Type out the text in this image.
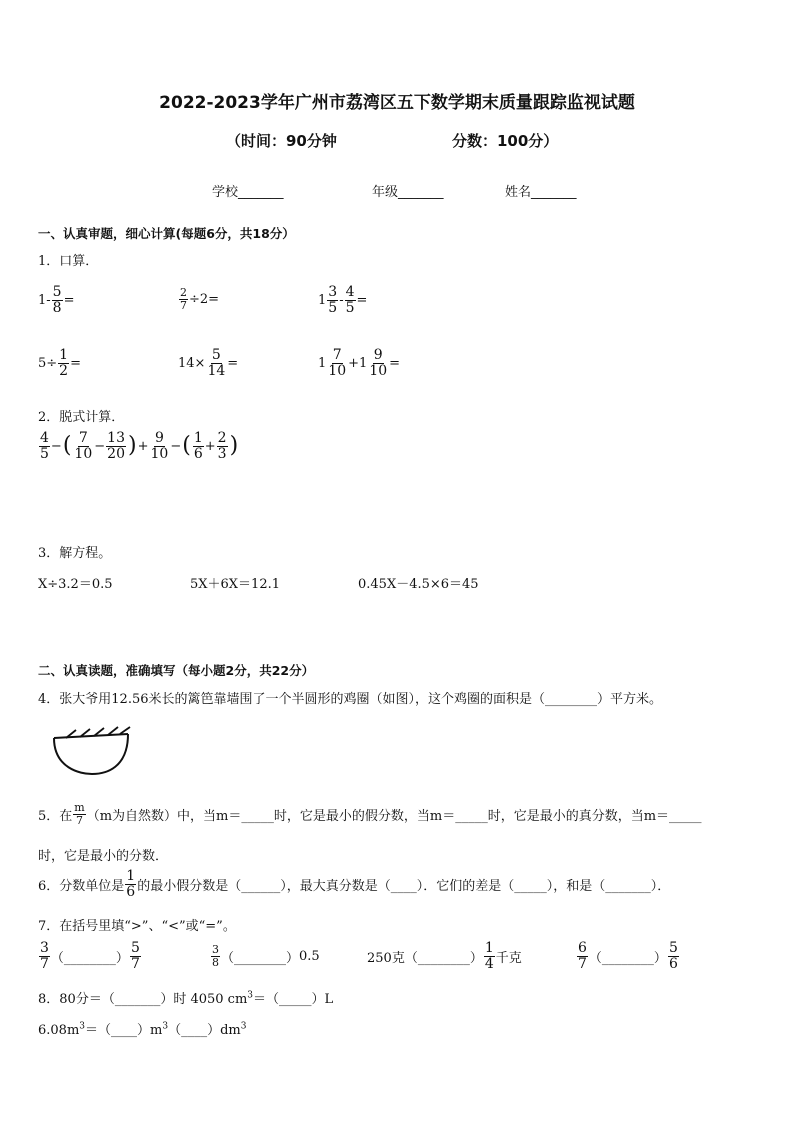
2022-2023学年广州市荔湾区五下数学期末质量跟踪监视试题
（时间：90分钟	分数：100分）
学校_______	年级_______	姓名_______
一、认真审题，细心计算(每题6分，共18分）
1．口算．
$1- \frac{5}{8}$ =	$\frac{2}{7} \div 2=$	$1 \frac{3}{5} - \frac{4}{5}$ =
$5\div \frac{1}{2}$ =	$14\times \frac{5}{14}$ =	$1 \frac{7}{10} +1 \frac{9}{10}$ =
2．脱式计算．
$\frac{4}{5}$ − ( $\frac{7}{10} - \frac{13}{20}$ ) + $\frac{9}{10}$ − ( $\frac{1}{6} + \frac{2}{3}$ )
3．解方程。
X÷3.2＝0.5	5X＋6X＝12.1	0.45X－4.5×6＝45
二、认真读题，准确填写（每小题2分，共22分）
4．张大爷用12.56米长的篱笆靠墙围了一个半圆形的鸡圈（如图），这个鸡圈的面积是（________）平方米。
5．在 $\frac{m}{7} (m$为自然数）中，当m＝_____时，它是最小的假分数，当m＝_____时，它是最小的真分数，当m＝_____
时，它是最小的分数．
6．分数单位是 $\frac{1}{6}$ 的最小假分数是（______），最大真分数是（____）．它们的差是（_____），和是（_______）．
7．在括号里填“>”、“<”或“=”。
$\frac{3}{7}$ （________） $\frac{5}{7}$	$\frac{3}{8}$ （________） 0.5	250克 （________） $\frac{1}{4}$ 千克	$\frac{6}{7}$ （________） $\frac{5}{6}$
8．80分＝（_______）时 4050 $cm^3=(\_\_\_\_\_)L$
$6.08m^3=(\_\_\_\_)m^3(\_\_\_\_)dm^3$
